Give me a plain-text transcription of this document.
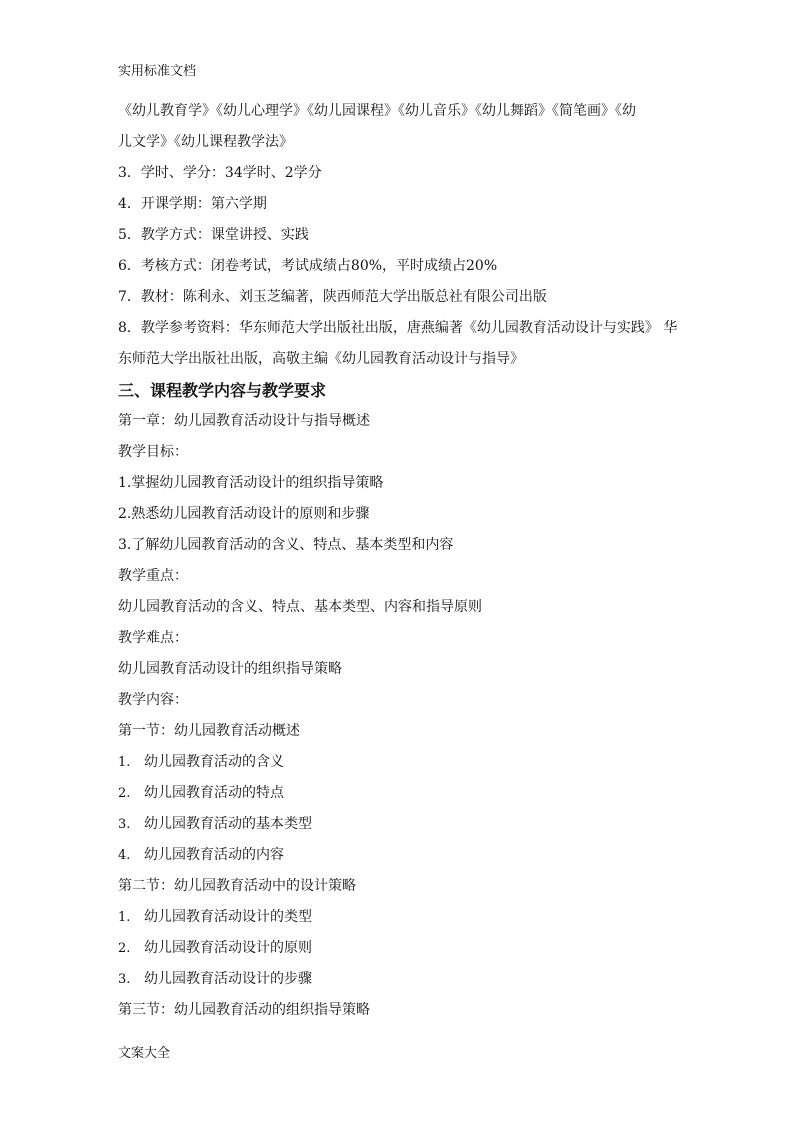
实用标准文档
《幼儿教育学》《幼儿心理学》《幼儿园课程》《幼儿音乐》《幼儿舞蹈》《简笔画》《幼
儿文学》《幼儿课程教学法》
3．学时、学分：34学时、2学分
4．开课学期：第六学期
5．教学方式：课堂讲授、实践
6．考核方式：闭卷考试，考试成绩占80%，平时成绩占20%
7．教材：陈利永、刘玉芝编著，陕西师范大学出版总社有限公司出版
8．教学参考资料：华东师范大学出版社出版，唐燕编著《幼儿园教育活动设计与实践》 华
东师范大学出版社出版，高敬主编《幼儿园教育活动设计与指导》
三、课程教学内容与教学要求
第一章：幼儿园教育活动设计与指导概述
教学目标：
1.掌握幼儿园教育活动设计的组织指导策略
2.熟悉幼儿园教育活动设计的原则和步骤
3.了解幼儿园教育活动的含义、特点、基本类型和内容
教学重点：
幼儿园教育活动的含义、特点、基本类型、内容和指导原则
教学难点：
幼儿园教育活动设计的组织指导策略
教学内容：
第一节：幼儿园教育活动概述
1. 幼儿园教育活动的含义
2. 幼儿园教育活动的特点
3. 幼儿园教育活动的基本类型
4. 幼儿园教育活动的内容
第二节：幼儿园教育活动中的设计策略
1. 幼儿园教育活动设计的类型
2. 幼儿园教育活动设计的原则
3. 幼儿园教育活动设计的步骤
第三节：幼儿园教育活动的组织指导策略
文案大全
